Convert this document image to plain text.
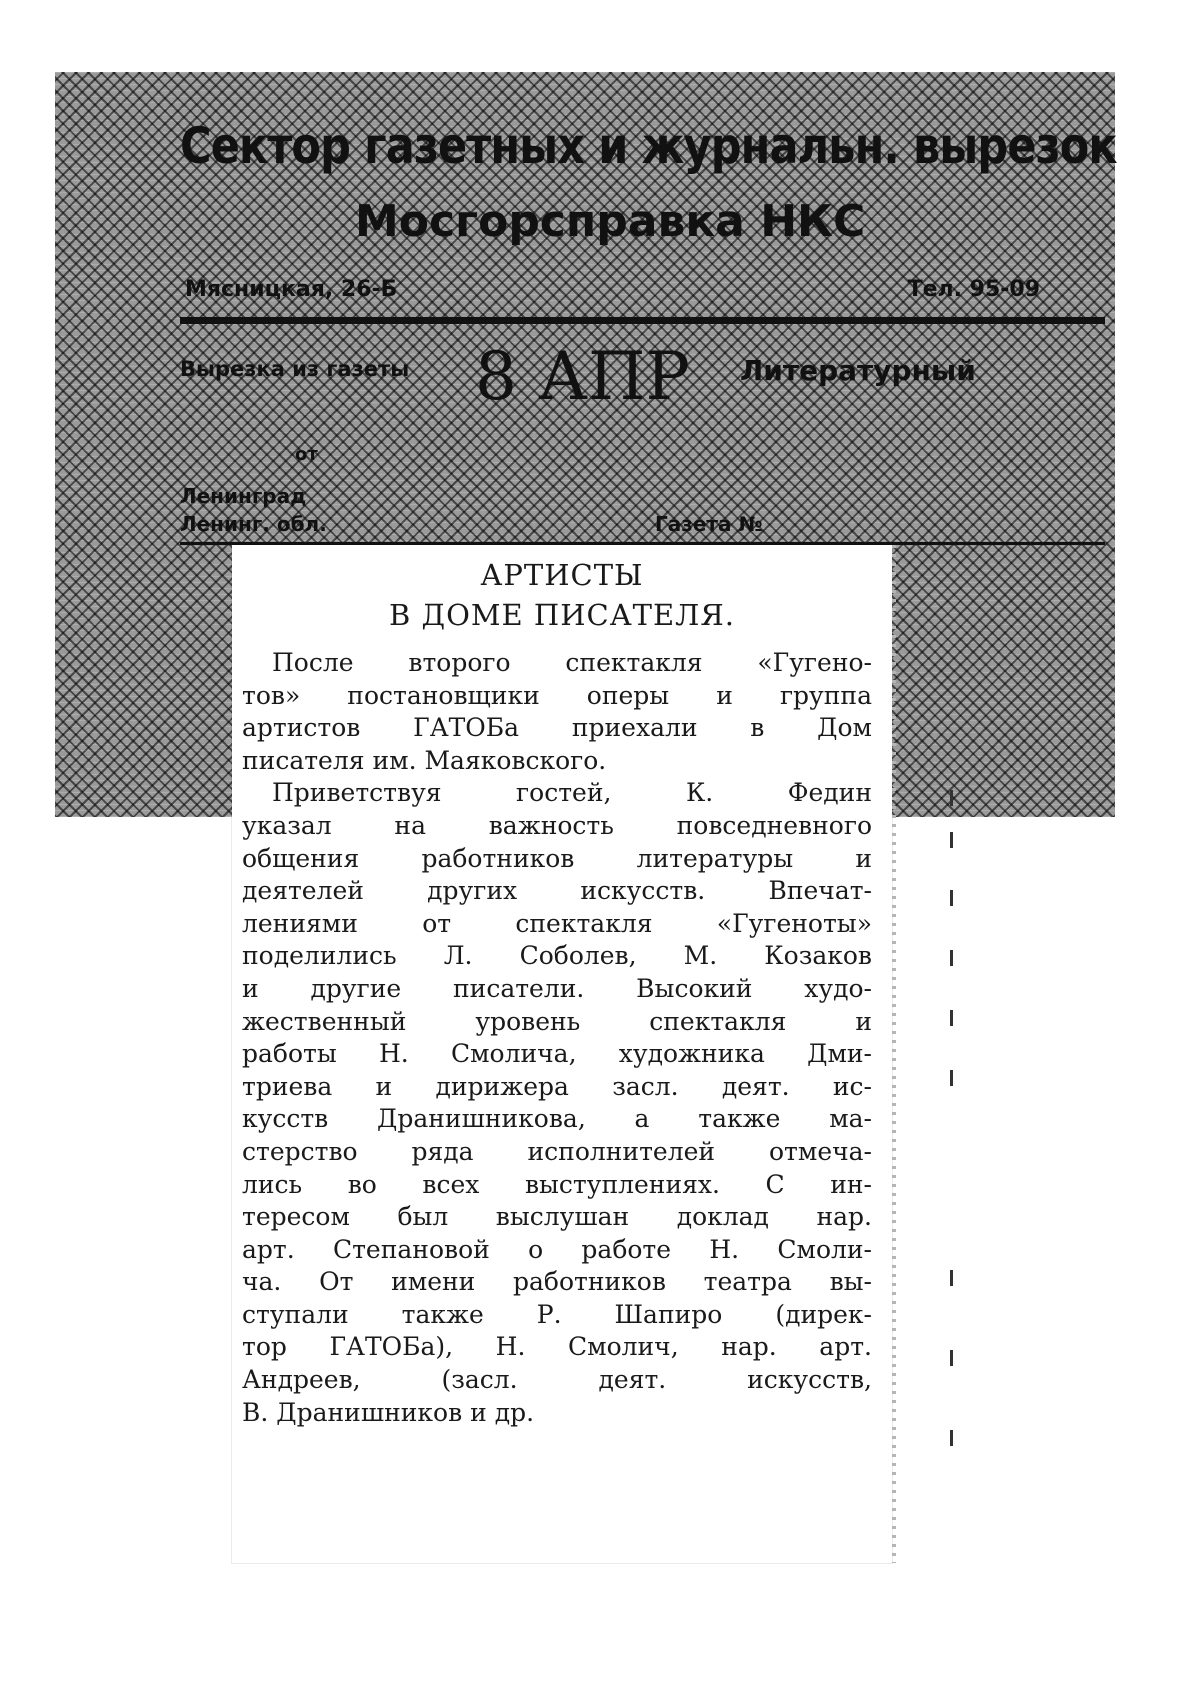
Сектор газетных и журнальн. вырезок
Мосгорсправка НКС
Мясницкая, 26-Б	Тел. 95-09
Вырезка из газеты 8 АПР Литературный
от
Ленинград
Ленинг. обл.	Газета №
АРТИСТЫ
В ДОМЕ ПИСАТЕЛЯ.
После второго спектакля «Гугено-
тов» постановщики оперы и группа
артистов ГАТОБа приехали в Дом
писателя им. Маяковского.
Приветствуя гостей, К. Федин
указал на важность повседневного
общения работников литературы и
деятелей других искусств. Впечат-
лениями от спектакля «Гугеноты»
поделились Л. Соболев, М. Козаков
и другие писатели. Высокий худо-
жественный уровень спектакля и
работы Н. Смолича, художника Дми-
триева и дирижера засл. деят. ис-
кусств Дранишникова, а также ма-
стерство ряда исполнителей отмеча-
лись во всех выступлениях. С ин-
тересом был выслушан доклад нар.
арт. Степановой о работе Н. Смоли-
ча. От имени работников театра вы-
ступали также Р. Шапиро (дирек-
тор ГАТОБа), Н. Смолич, нар. арт.
Андреев, (засл. деят. искусств,
В. Дранишников и др.
